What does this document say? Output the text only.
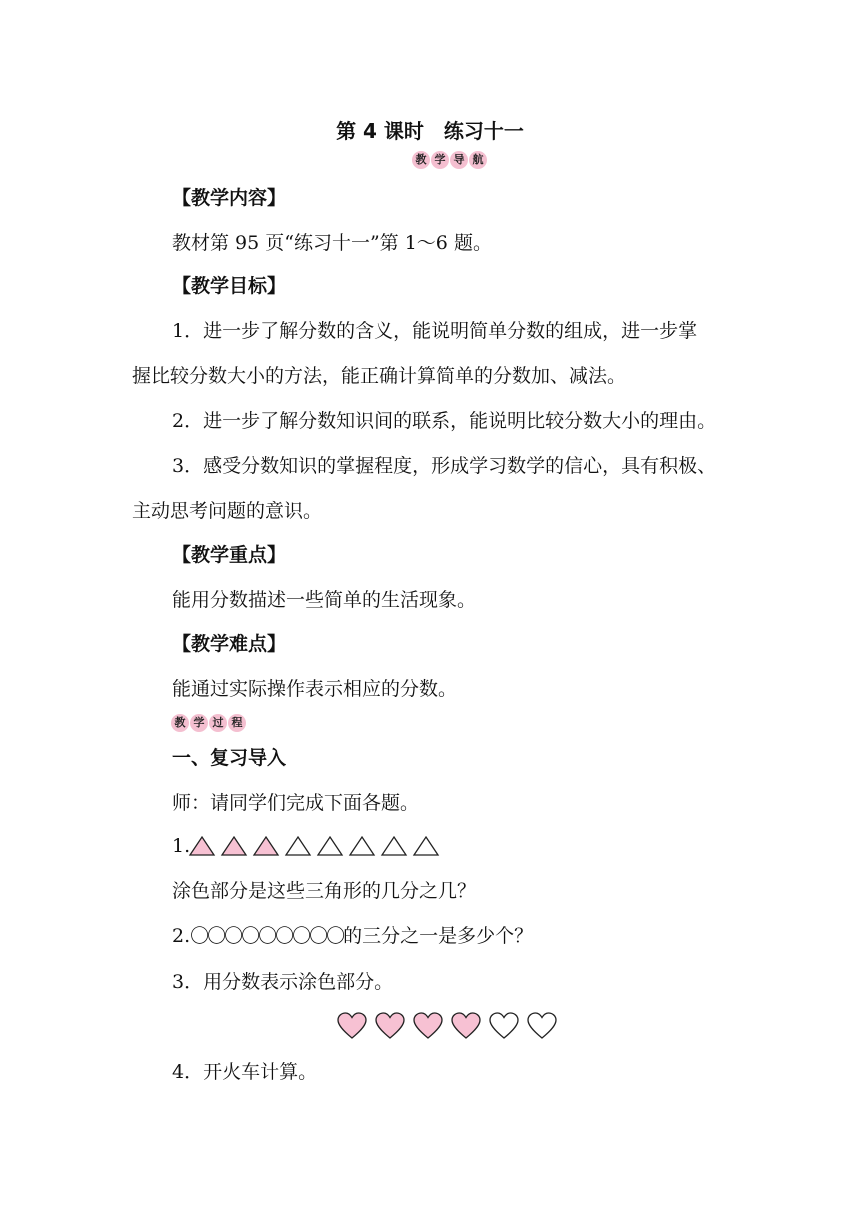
第 4 课时　练习十一
教 学 导 航
【教学内容】
教材第 95 页“练习十一”第 1～6 题。
【教学目标】
1．进一步了解分数的含义，能说明简单分数的组成，进一步掌
握比较分数大小的方法，能正确计算简单的分数加、减法。
2．进一步了解分数知识间的联系，能说明比较分数大小的理由。
3．感受分数知识的掌握程度，形成学习数学的信心，具有积极、
主动思考问题的意识。
【教学重点】
能用分数描述一些简单的生活现象。
【教学难点】
能通过实际操作表示相应的分数。
教 学 过 程
一、复习导入
师：请同学们完成下面各题。
1.
涂色部分是这些三角形的几分之几？
2.〇〇〇〇〇〇〇〇〇的三分之一是多少个？
3．用分数表示涂色部分。
4．开火车计算。
